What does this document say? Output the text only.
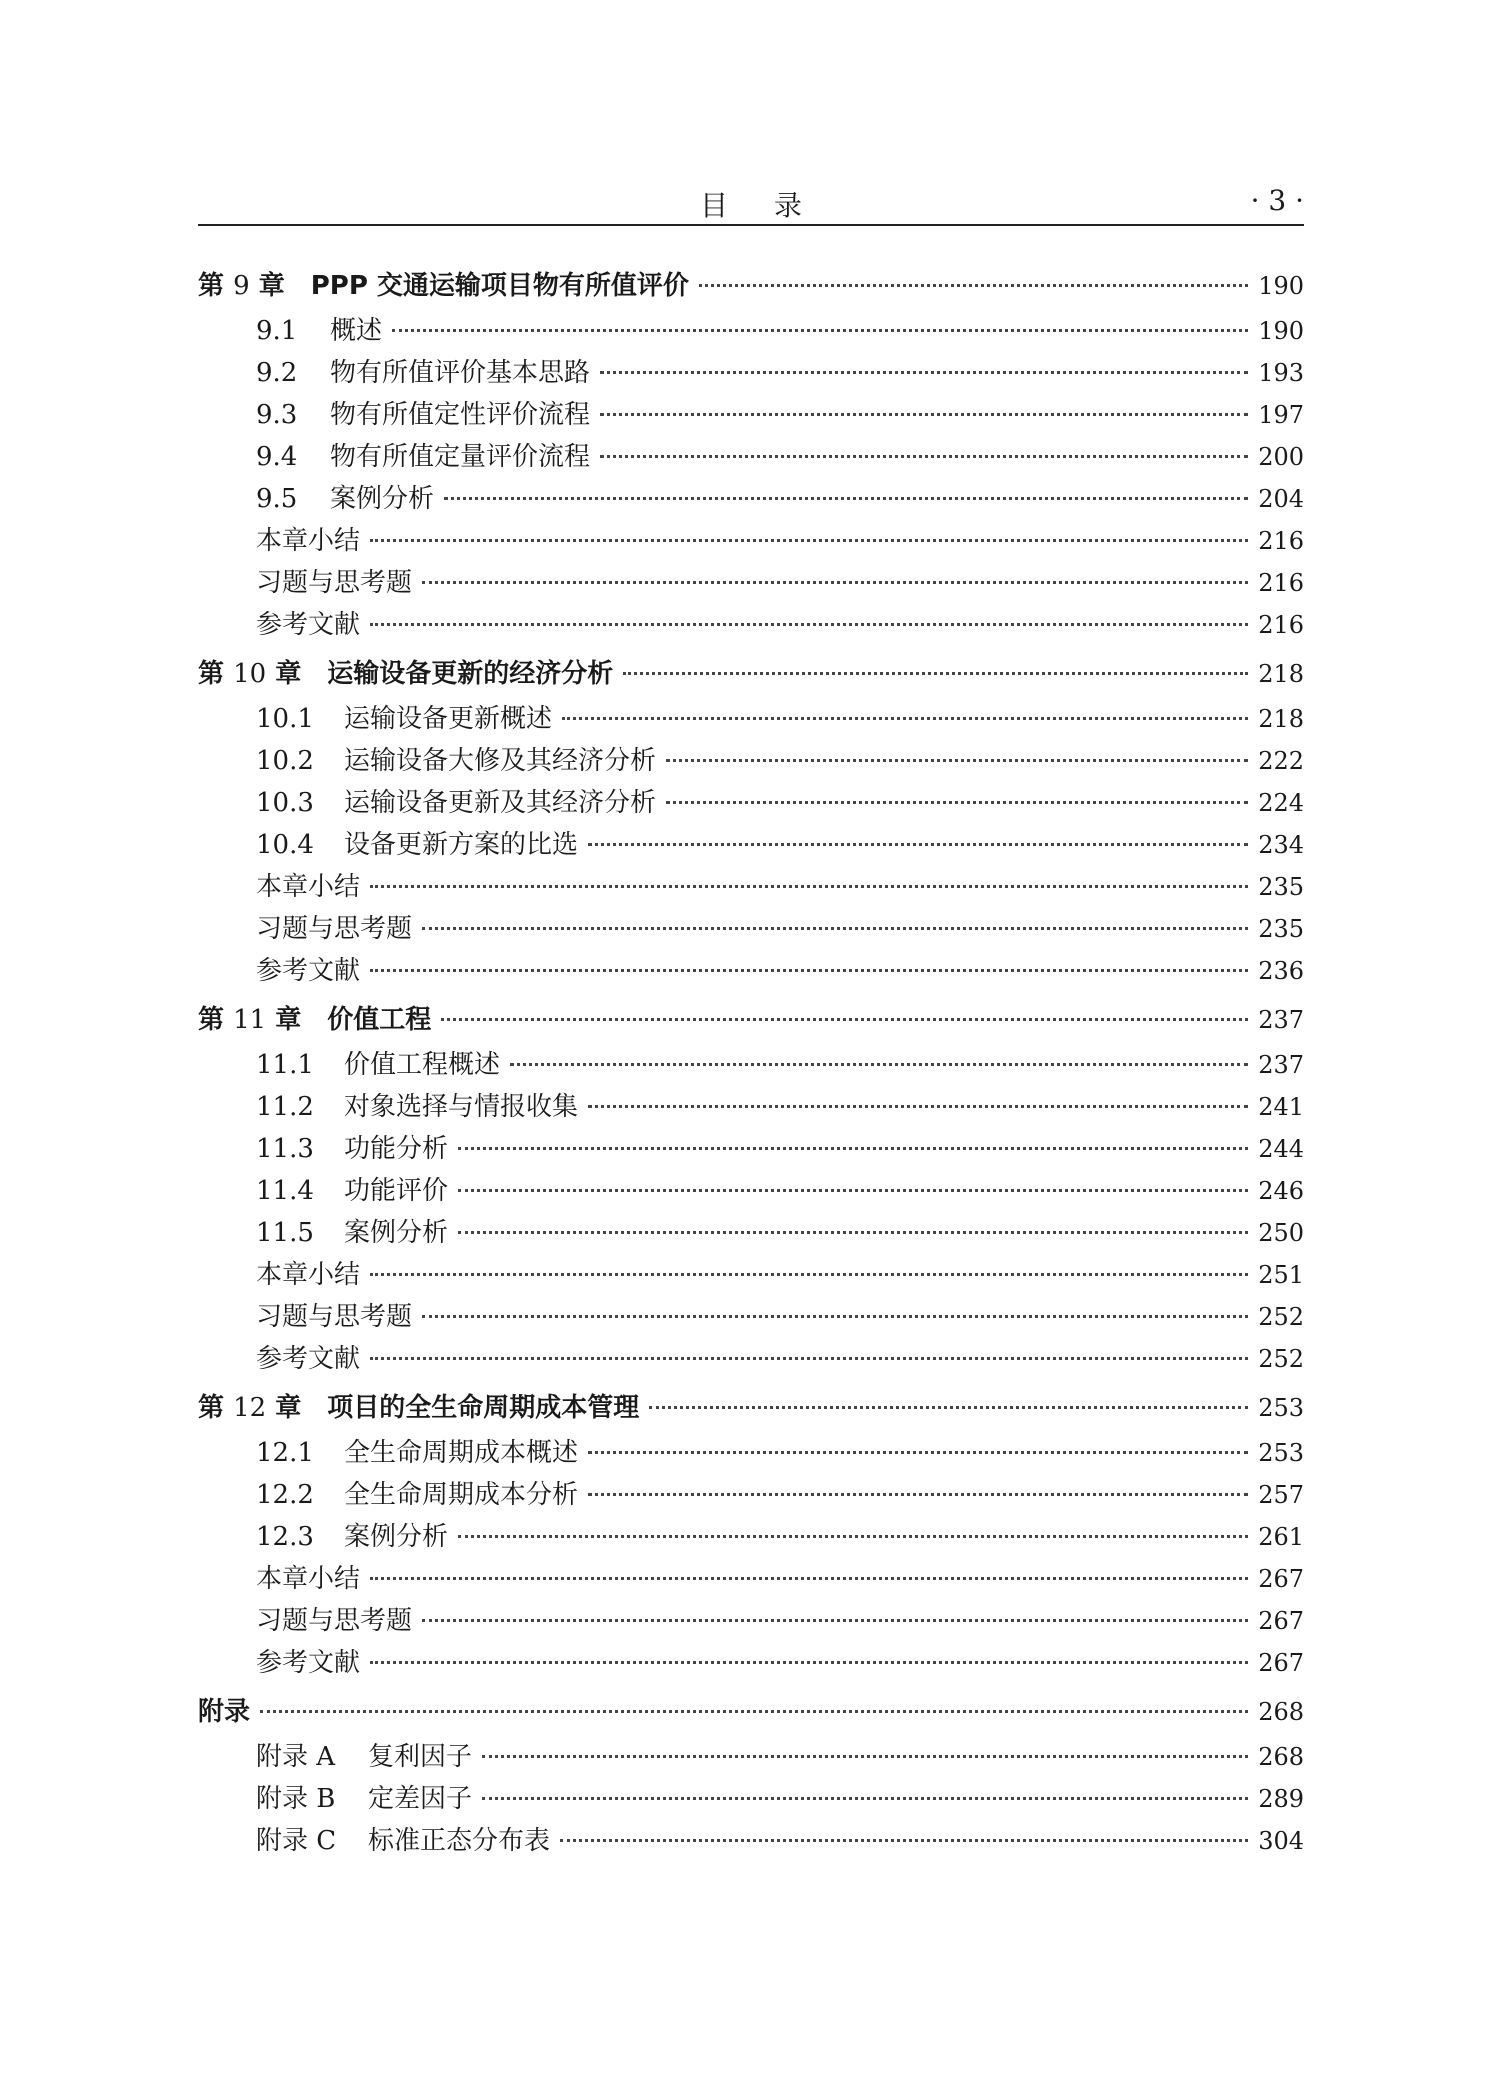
目录	· 3 ·
第 9 章 PPP 交通运输项目物有所值评价	190
9.1	概述	190
9.2	物有所值评价基本思路	193
9.3	物有所值定性评价流程	197
9.4	物有所值定量评价流程	200
9.5	案例分析	204
本章小结	216
习题与思考题	216
参考文献	216
第 10 章 运输设备更新的经济分析	218
10.1	运输设备更新概述	218
10.2	运输设备大修及其经济分析	222
10.3	运输设备更新及其经济分析	224
10.4	设备更新方案的比选	234
本章小结	235
习题与思考题	235
参考文献	236
第 11 章 价值工程	237
11.1	价值工程概述	237
11.2	对象选择与情报收集	241
11.3	功能分析	244
11.4	功能评价	246
11.5	案例分析	250
本章小结	251
习题与思考题	252
参考文献	252
第 12 章 项目的全生命周期成本管理	253
12.1	全生命周期成本概述	253
12.2	全生命周期成本分析	257
12.3	案例分析	261
本章小结	267
习题与思考题	267
参考文献	267
附录	268
附录 A	复利因子	268
附录 B	定差因子	289
附录 C	标准正态分布表	304
